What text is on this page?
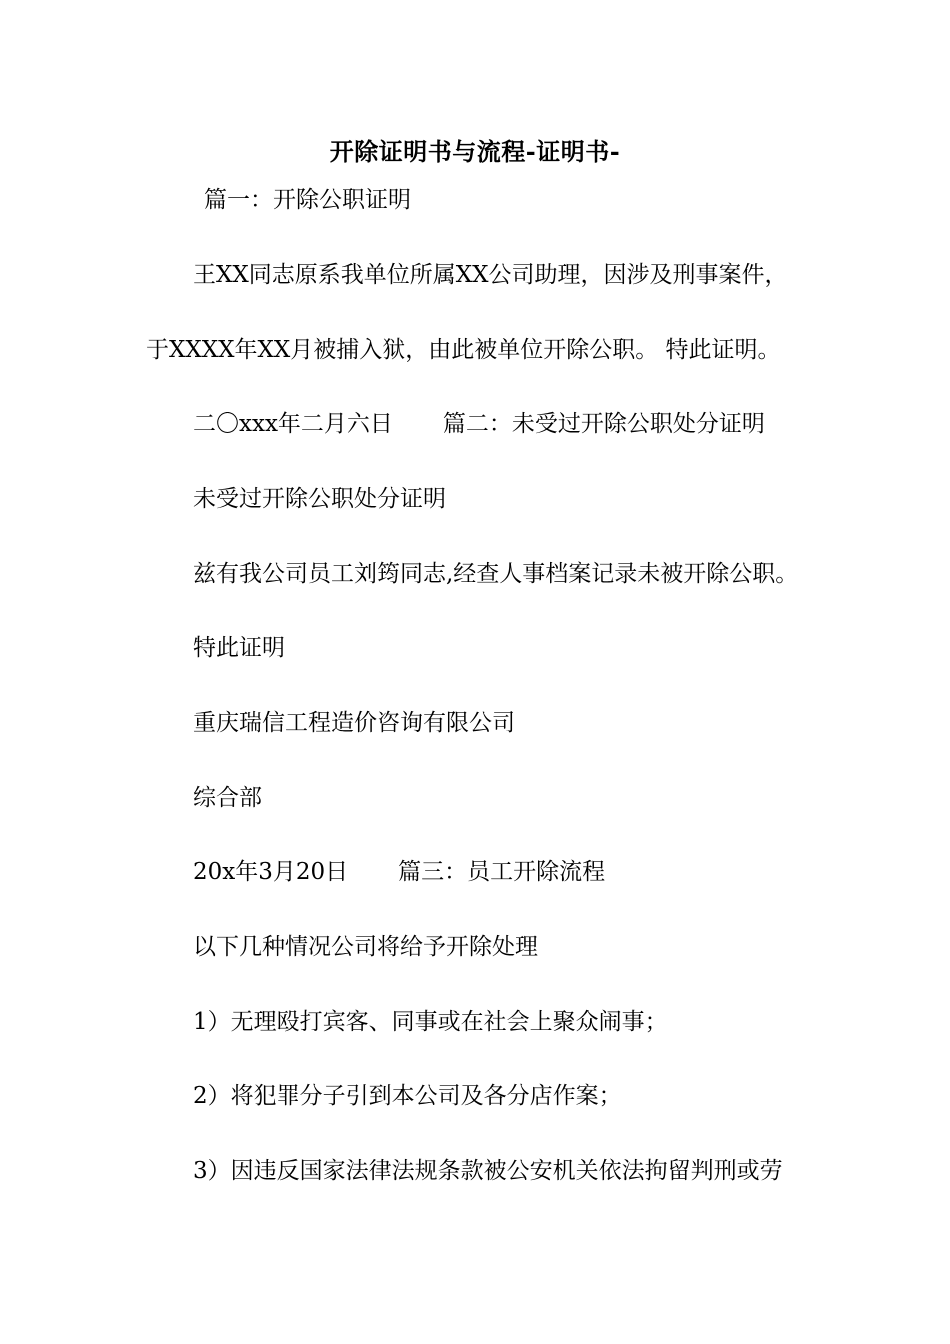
开除证明书与流程-证明书-
篇一：开除公职证明
王XX同志原系我单位所属XX公司助理，因涉及刑事案件，
于XXXX年XX月被捕入狱，由此被单位开除公职。 特此证明。
二〇xxx年二月六日 篇二：未受过开除公职处分证明
未受过开除公职处分证明
兹有我公司员工刘筠同志,经查人事档案记录未被开除公职。
特此证明
重庆瑞信工程造价咨询有限公司
综合部
20x年3月20日 篇三：员工开除流程
以下几种情况公司将给予开除处理
1）无理殴打宾客、同事或在社会上聚众闹事；
2）将犯罪分子引到本公司及各分店作案；
3）因违反国家法律法规条款被公安机关依法拘留判刑或劳
